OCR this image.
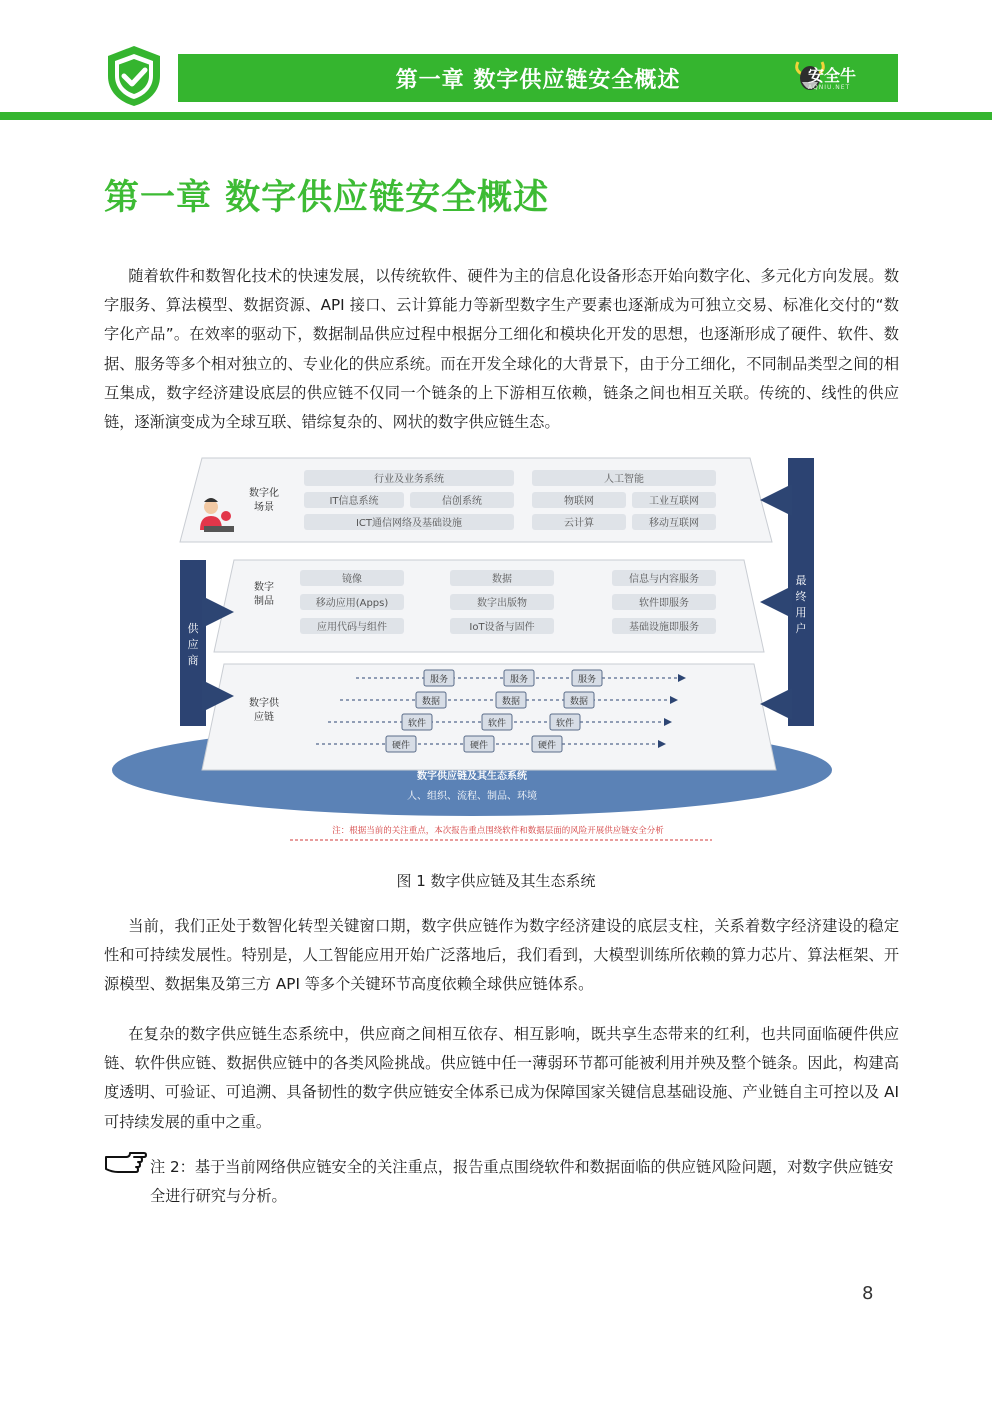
第一章 数字供应链安全概述	安全牛
AQNIU.NET
第一章 数字供应链安全概述
随着软件和数智化技术的快速发展，以传统软件、硬件为主的信息化设备形态开始向数字化、多元化方向发展。数字服务、算法模型、数据资源、API 接口、云计算能力等新型数字生产要素也逐渐成为可独立交易、标准化交付的“数字化产品”。在效率的驱动下，数据制品供应过程中根据分工细化和模块化开发的思想，也逐渐形成了硬件、软件、数据、服务等多个相对独立的、专业化的供应系统。而在开发全球化的大背景下，由于分工细化，不同制品类型之间的相互集成，数字经济建设底层的供应链不仅同一个链条的上下游相互依赖，链条之间也相互关联。传统的、线性的供应链，逐渐演变成为全球互联、错综复杂的、网状的数字供应链生态。
数字供应链及其生态系统
人、组织、流程、制品、环境
供
应
商
最
终
用
户
数字化
场景
行业及业务系统
IT信息系统	信创系统
ICT通信网络及基础设施
人工智能
物联网	工业互联网
云计算	移动互联网
数字
制品
镜像	数据	信息与内容服务
移动应用(Apps)	数字出版物	软件即服务
应用代码与组件	IoT设备与固件	基础设施即服务
数字供
应链
服务	服务	服务
数据	数据	数据
软件	软件	软件
硬件	硬件	硬件
注：根据当前的关注重点，本次报告重点围绕软件和数据层面的风险开展供应链安全分析
图 1 数字供应链及其生态系统
当前，我们正处于数智化转型关键窗口期，数字供应链作为数字经济建设的底层支柱，关系着数字经济建设的稳定性和可持续发展性。特别是，人工智能应用开始广泛落地后，我们看到，大模型训练所依赖的算力芯片、算法框架、开源模型、数据集及第三方 API 等多个关键环节高度依赖全球供应链体系。
在复杂的数字供应链生态系统中，供应商之间相互依存、相互影响，既共享生态带来的红利，也共同面临硬件供应链、软件供应链、数据供应链中的各类风险挑战。供应链中任一薄弱环节都可能被利用并殃及整个链条。因此，构建高度透明、可验证、可追溯、具备韧性的数字供应链安全体系已成为保障国家关键信息基础设施、产业链自主可控以及 AI 可持续发展的重中之重。
注 2：基于当前网络供应链安全的关注重点，报告重点围绕软件和数据面临的供应链风险问题，对数字供应链安全进行研究与分析。
8
